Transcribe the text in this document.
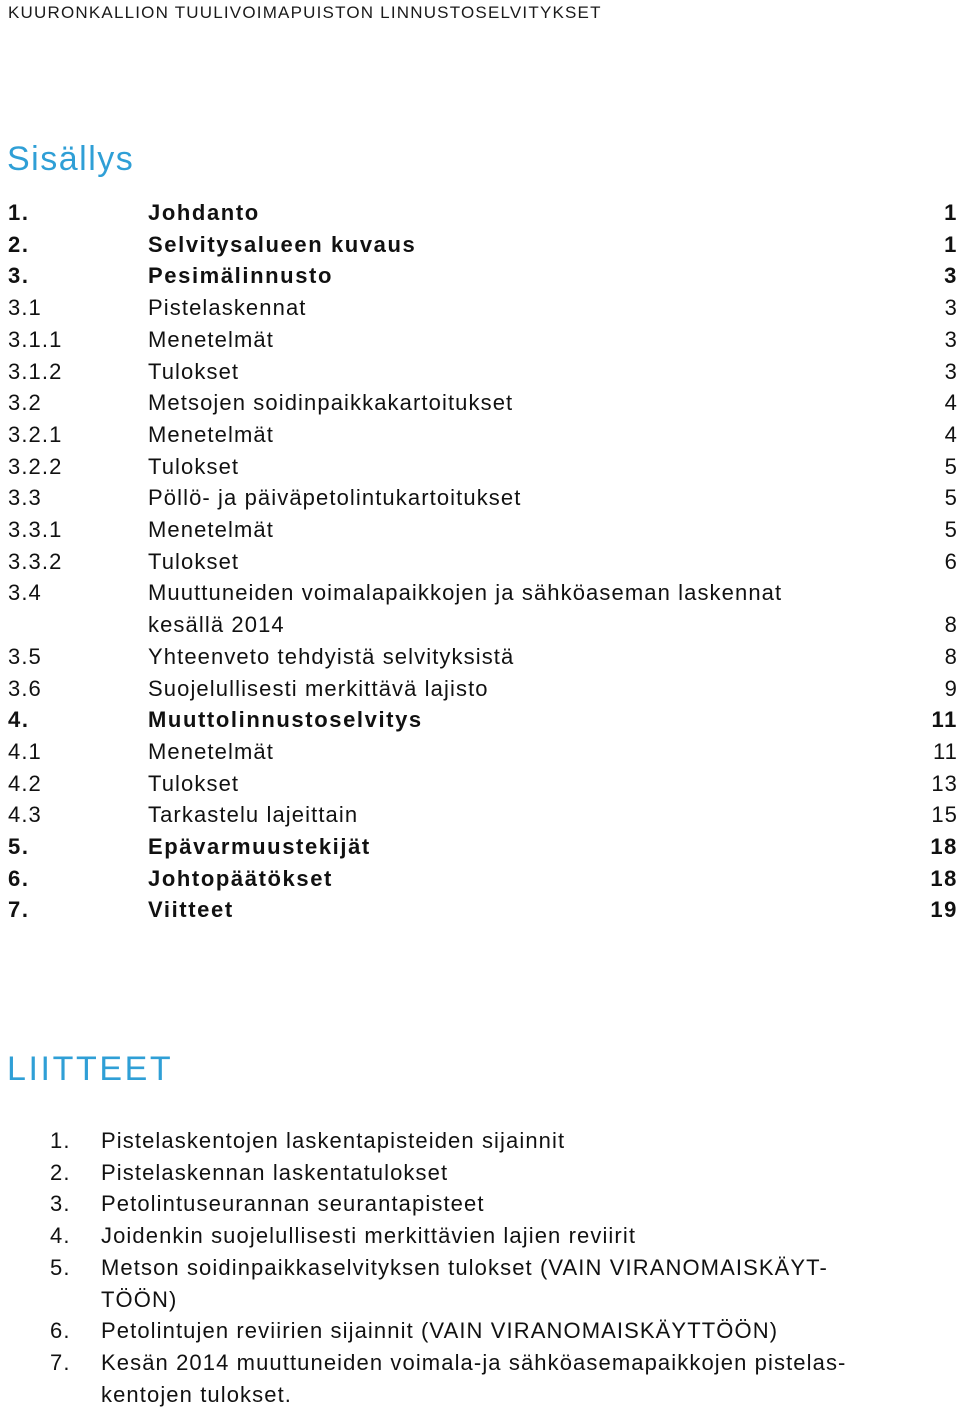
KUURONKALLION TUULIVOIMAPUISTON LINNUSTOSELVITYKSET
Sisällys
1.	Johdanto	1
2.	Selvitysalueen kuvaus	1
3.	Pesimälinnusto	3
3.1	Pistelaskennat	3
3.1.1	Menetelmät	3
3.1.2	Tulokset	3
3.2	Metsojen soidinpaikkakartoitukset	4
3.2.1	Menetelmät	4
3.2.2	Tulokset	5
3.3	Pöllö- ja päiväpetolintukartoitukset	5
3.3.1	Menetelmät	5
3.3.2	Tulokset	6
3.4	Muuttuneiden voimalapaikkojen ja sähköaseman laskennat
kesällä 2014	8
3.5	Yhteenveto tehdyistä selvityksistä	8
3.6	Suojelullisesti merkittävä lajisto	9
4.	Muuttolinnustoselvitys	11
4.1	Menetelmät	11
4.2	Tulokset	13
4.3	Tarkastelu lajeittain	15
5.	Epävarmuustekijät	18
6.	Johtopäätökset	18
7.	Viitteet	19
LIITTEET
1.	Pistelaskentojen laskentapisteiden sijainnit
2.	Pistelaskennan laskentatulokset
3.	Petolintuseurannan seurantapisteet
4.	Joidenkin suojelullisesti merkittävien lajien reviirit
5.	Metson soidinpaikkaselvityksen tulokset (VAIN VIRANOMAISKÄYT-
TÖÖN)
6.	Petolintujen reviirien sijainnit (VAIN VIRANOMAISKÄYTTÖÖN)
7.	Kesän 2014 muuttuneiden voimala-ja sähköasemapaikkojen pistelas-
kentojen tulokset.
